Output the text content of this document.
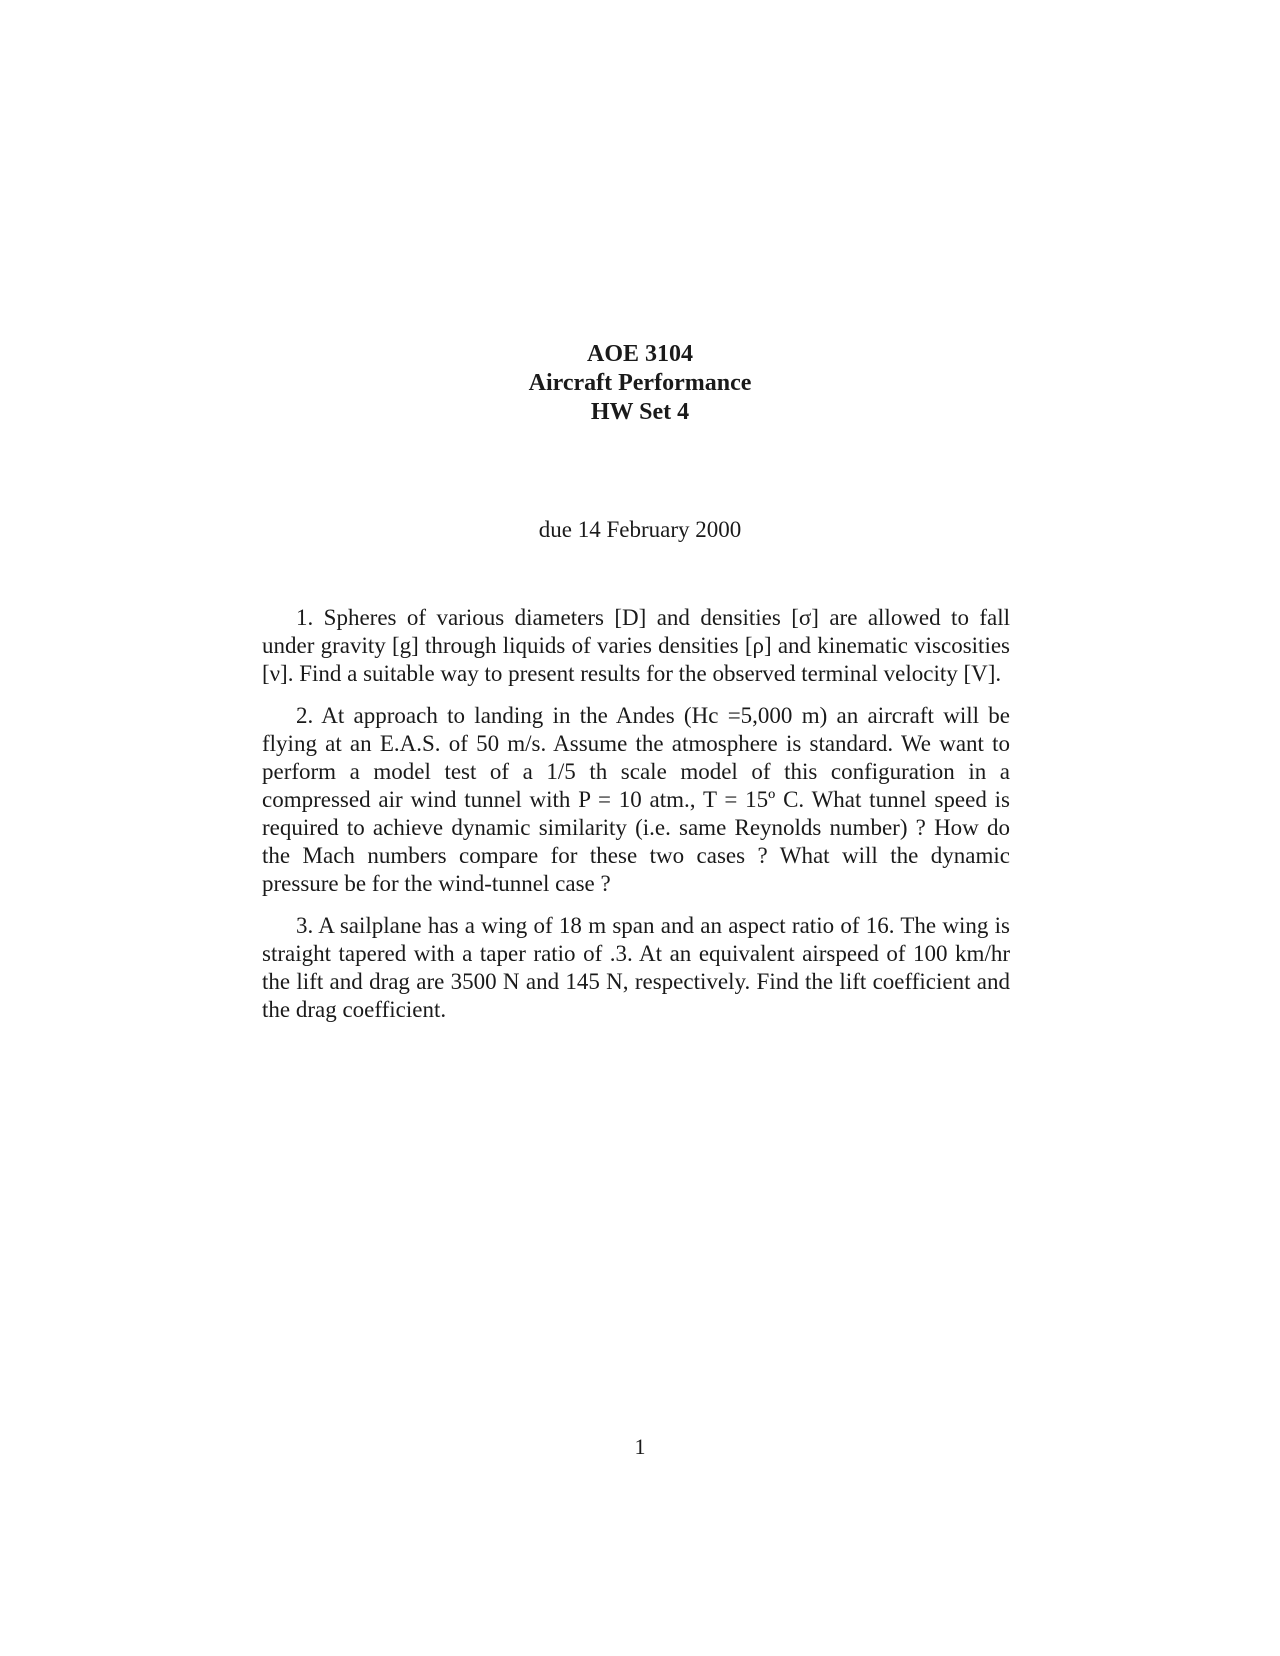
AOE 3104
Aircraft Performance
HW Set 4
due 14 February 2000

1. Spheres of various diameters [D] and densities [σ] are allowed to fall under gravity [g] through liquids of varies densities [ρ] and kinematic viscosities [ν]. Find a suitable way to present results for the observed terminal velocity [V].

2. At approach to landing in the Andes (Hc =5,000 m) an aircraft will be flying at an E.A.S. of 50 m/s. Assume the atmosphere is standard. We want to perform a model test of a 1/5 th scale model of this configuration in a compressed air wind tunnel with P = 10 atm., T = 15º C. What tunnel speed is required to achieve dynamic similarity (i.e. same Reynolds number) ? How do the Mach numbers compare for these two cases ? What will the dynamic pressure be for the wind-tunnel case ?

3. A sailplane has a wing of 18 m span and an aspect ratio of 16. The wing is straight tapered with a taper ratio of .3. At an equivalent airspeed of 100 km/hr the lift and drag are 3500 N and 145 N, respectively. Find the lift coefficient and the drag coefficient.

1
